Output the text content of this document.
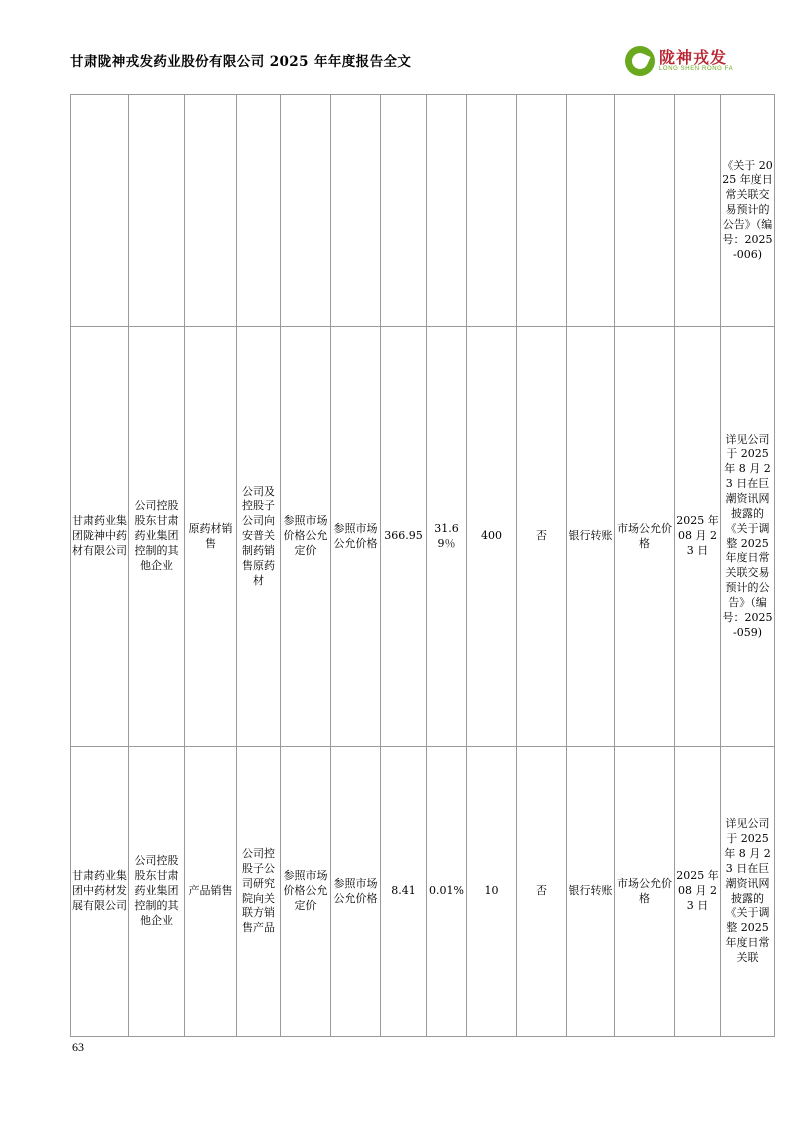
甘肃陇神戎发药业股份有限公司 2025 年年度报告全文	陇神戎发
LONG SHEN RONG FA
													《关于 2025 年度日常关联交易预计的公告》（编号：2025-006)
甘肃药业集团陇神中药材有限公司	公司控股股东甘肃药业集团控制的其他企业	原药材销售	公司及控股子公司向安普关制药销售原药材	参照市场价格公允定价	参照市场公允价格	366.95	31.69％	400	否	银行转账	市场公允价格	2025 年 08 月 23 日	详见公司于 2025 年 8 月 23 日在巨潮资讯网披露的《关于调整 2025 年度日常关联交易预计的公告》（编号：2025-059)
甘肃药业集团中药材发展有限公司	公司控股股东甘肃药业集团控制的其他企业	产品销售	公司控股子公司研究院向关联方销售产品	参照市场价格公允定价	参照市场公允价格	8.41	0.01%	10	否	银行转账	市场公允价格	2025 年 08 月 23 日	详见公司于 2025 年 8 月 23 日在巨潮资讯网披露的《关于调整 2025 年度日常关联
63
